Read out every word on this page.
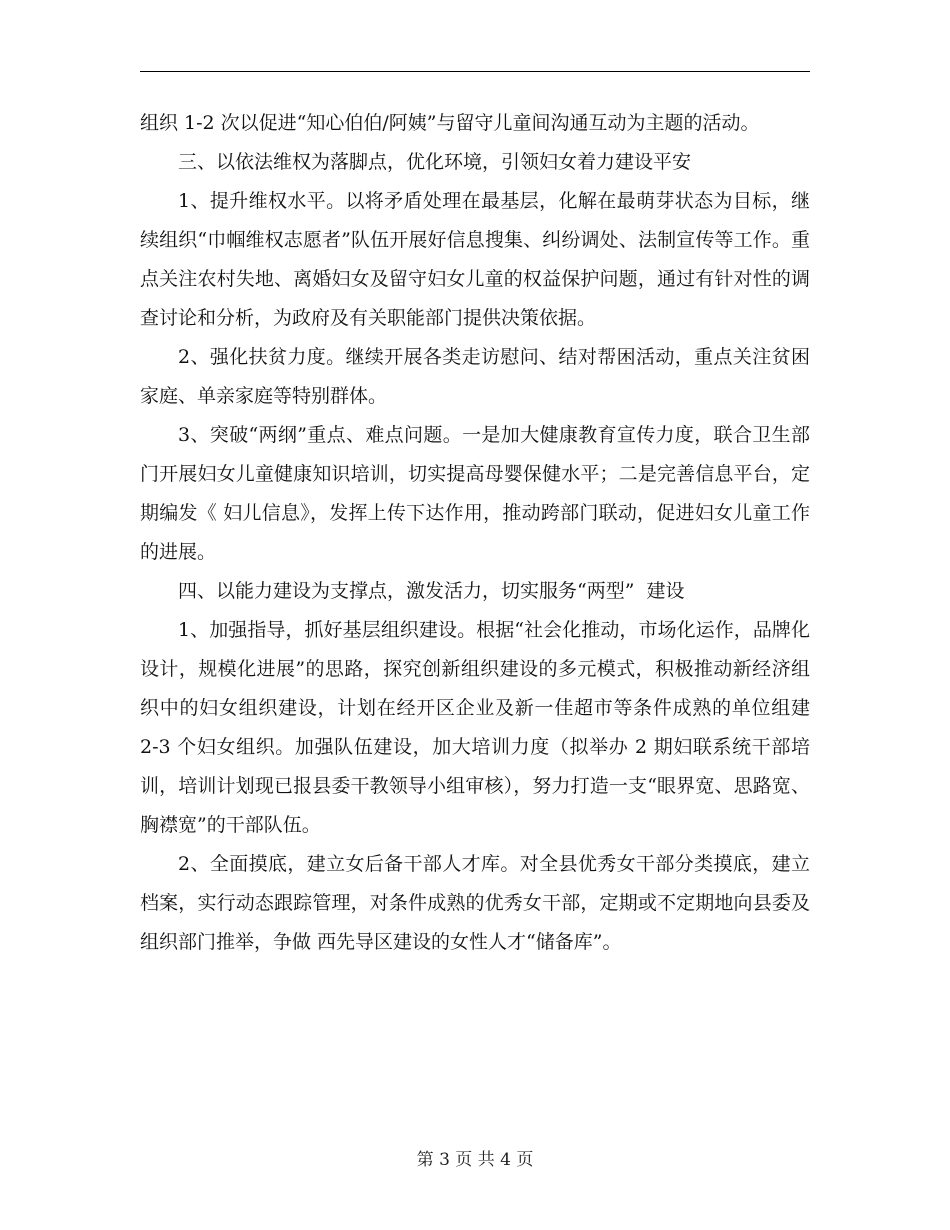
组织 1-2 次以促进“知心伯伯/阿姨”与留守儿童间沟通互动为主题的活动。

三、以依法维权为落脚点，优化环境，引领妇女着力建设平安

1、提升维权水平。以将矛盾处理在最基层，化解在最萌芽状态为目标，继续组织“巾帼维权志愿者”队伍开展好信息搜集、纠纷调处、法制宣传等工作。重点关注农村失地、离婚妇女及留守妇女儿童的权益保护问题，通过有针对性的调查讨论和分析，为政府及有关职能部门提供决策依据。

2、强化扶贫力度。继续开展各类走访慰问、结对帮困活动，重点关注贫困家庭、单亲家庭等特别群体。

3、突破“两纲”重点、难点问题。一是加大健康教育宣传力度，联合卫生部门开展妇女儿童健康知识培训，切实提高母婴保健水平；二是完善信息平台，定期编发《 妇儿信息》，发挥上传下达作用，推动跨部门联动，促进妇女儿童工作的进展。

四、以能力建设为支撑点，激发活力，切实服务“两型”  建设

1、加强指导，抓好基层组织建设。根据“社会化推动，市场化运作，品牌化设计，规模化进展”的思路，探究创新组织建设的多元模式，积极推动新经济组织中的妇女组织建设，计划在经开区企业及新一佳超市等条件成熟的单位组建 2-3 个妇女组织。加强队伍建设，加大培训力度（拟举办 2 期妇联系统干部培训，培训计划现已报县委干教领导小组审核），努力打造一支“眼界宽、思路宽、胸襟宽”的干部队伍。

2、全面摸底，建立女后备干部人才库。对全县优秀女干部分类摸底，建立档案，实行动态跟踪管理，对条件成熟的优秀女干部，定期或不定期地向县委及组织部门推举，争做 西先导区建设的女性人才“储备库”。

第 3 页 共 4 页
